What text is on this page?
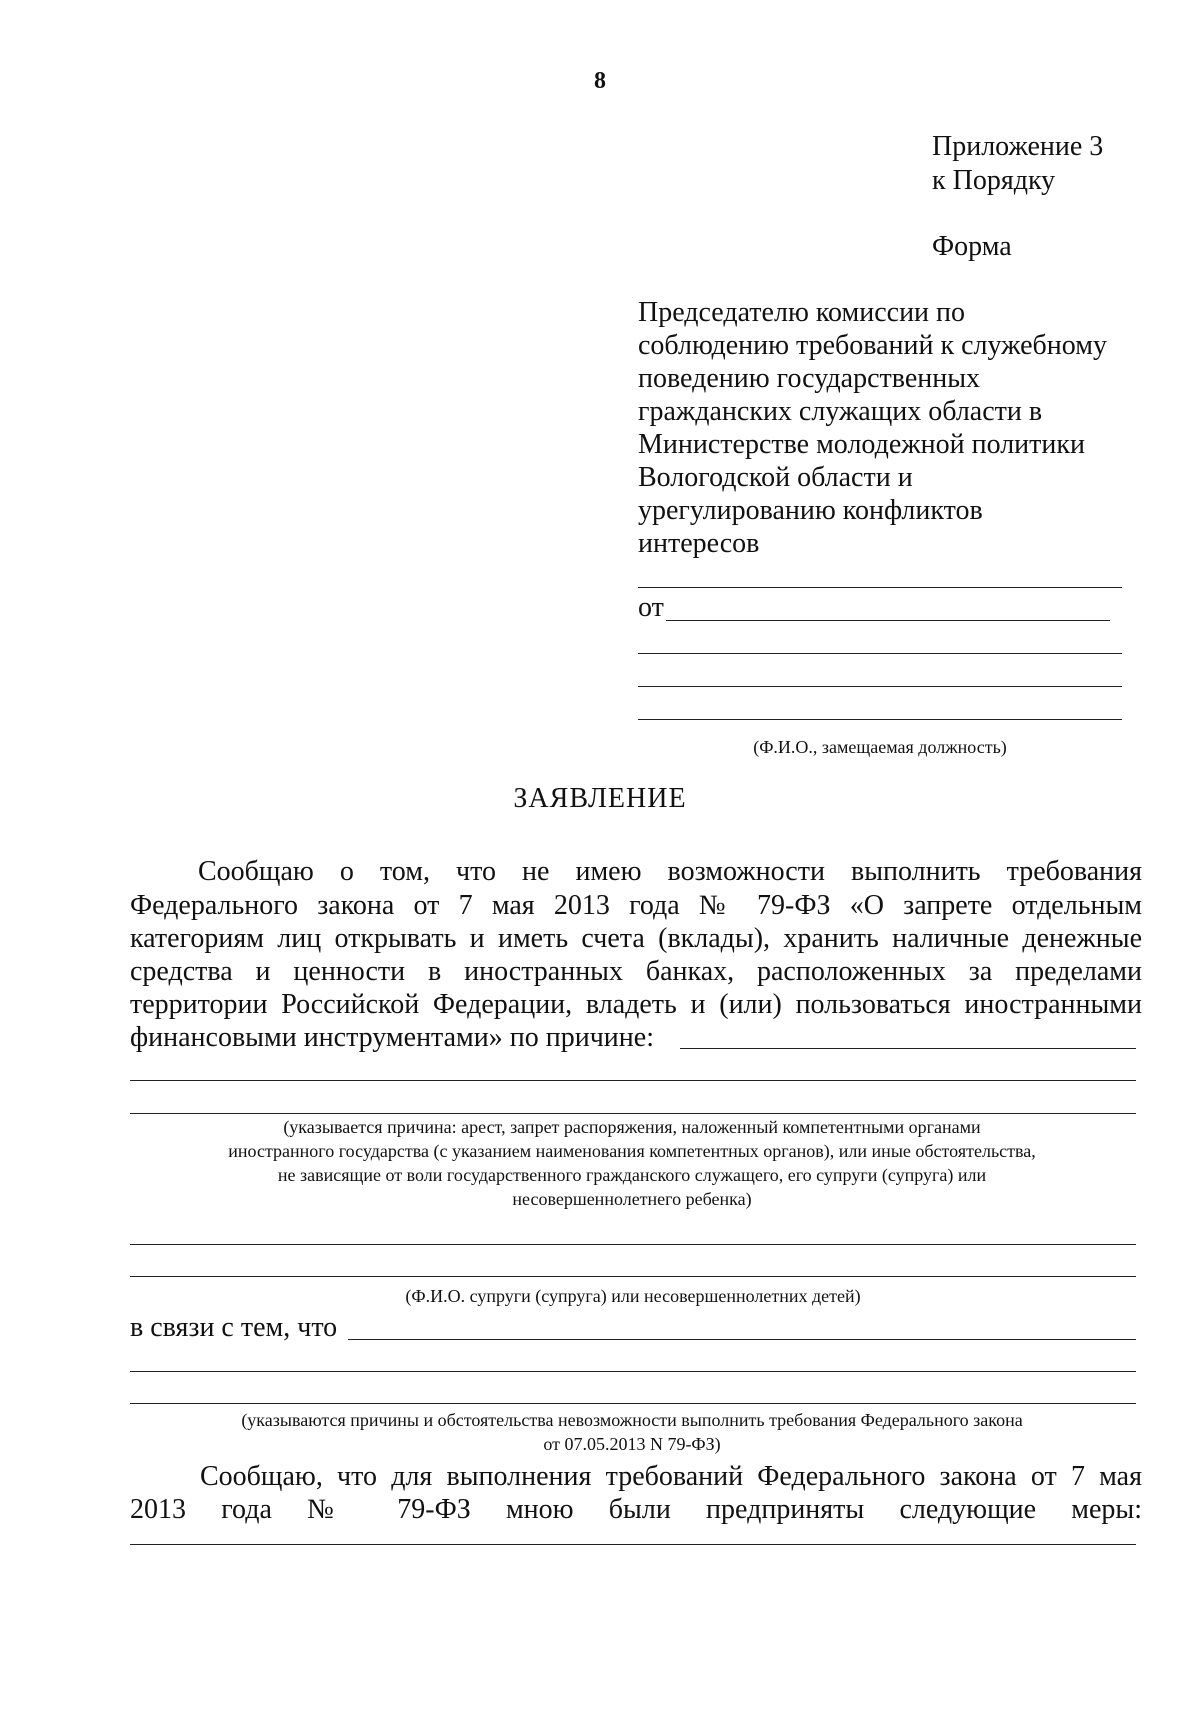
8
Приложение 3
к Порядку
Форма
Председателю комиссии по
соблюдению требований к служебному
поведению государственных
гражданских служащих области в
Министерстве молодежной политики
Вологодской области и
урегулированию конфликтов
интересов
от
(Ф.И.О., замещаемая должность)
ЗАЯВЛЕНИЕ
Сообщаю о том, что не имею возможности выполнить требования
Федерального закона от 7 мая 2013 года № 79-ФЗ «О запрете отдельным
категориям лиц открывать и иметь счета (вклады), хранить наличные денежные
средства и ценности в иностранных банках, расположенных за пределами
территории Российской Федерации, владеть и (или) пользоваться иностранными
финансовыми инструментами» по причине:
(указывается причина: арест, запрет распоряжения, наложенный компетентными органами
иностранного государства (с указанием наименования компетентных органов), или иные обстоятельства,
не зависящие от воли государственного гражданского служащего, его супруги (супруга) или
несовершеннолетнего ребенка)
(Ф.И.О. супруги (супруга) или несовершеннолетних детей)
в связи с тем, что
(указываются причины и обстоятельства невозможности выполнить требования Федерального закона
от 07.05.2013 N 79-ФЗ)
Сообщаю, что для выполнения требований Федерального закона от 7 мая
2013 года № 79-ФЗ мною были предприняты следующие меры:
